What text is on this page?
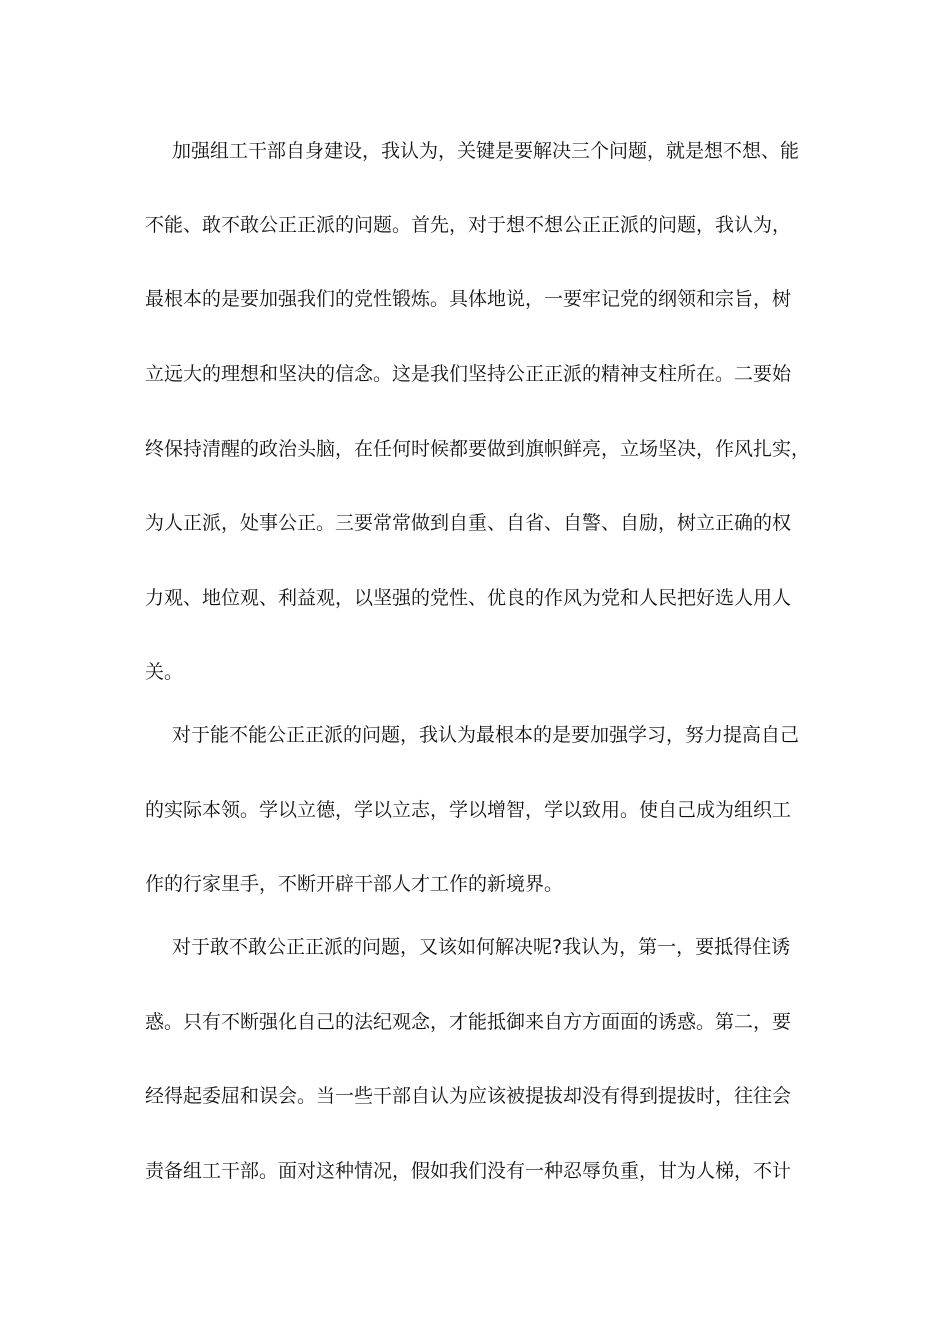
加强组工干部自身建设，我认为，关键是要解决三个问题，就是想不想、能
不能、敢不敢公正正派的问题。首先，对于想不想公正正派的问题，我认为，
最根本的是要加强我们的党性锻炼。具体地说，一要牢记党的纲领和宗旨，树
立远大的理想和坚决的信念。这是我们坚持公正正派的精神支柱所在。二要始
终保持清醒的政治头脑，在任何时候都要做到旗帜鲜亮，立场坚决，作风扎实，
为人正派，处事公正。三要常常做到自重、自省、自警、自励，树立正确的权
力观、地位观、利益观，以坚强的党性、优良的作风为党和人民把好选人用人
关。
对于能不能公正正派的问题，我认为最根本的是要加强学习，努力提高自己
的实际本领。学以立德，学以立志，学以增智，学以致用。使自己成为组织工
作的行家里手，不断开辟干部人才工作的新境界。
对于敢不敢公正正派的问题，又该如何解决呢?我认为，第一，要抵得住诱
惑。只有不断强化自己的法纪观念，才能抵御来自方方面面的诱惑。第二，要
经得起委屈和误会。当一些干部自认为应该被提拔却没有得到提拔时，往往会
责备组工干部。面对这种情况，假如我们没有一种忍辱负重，甘为人梯，不计
